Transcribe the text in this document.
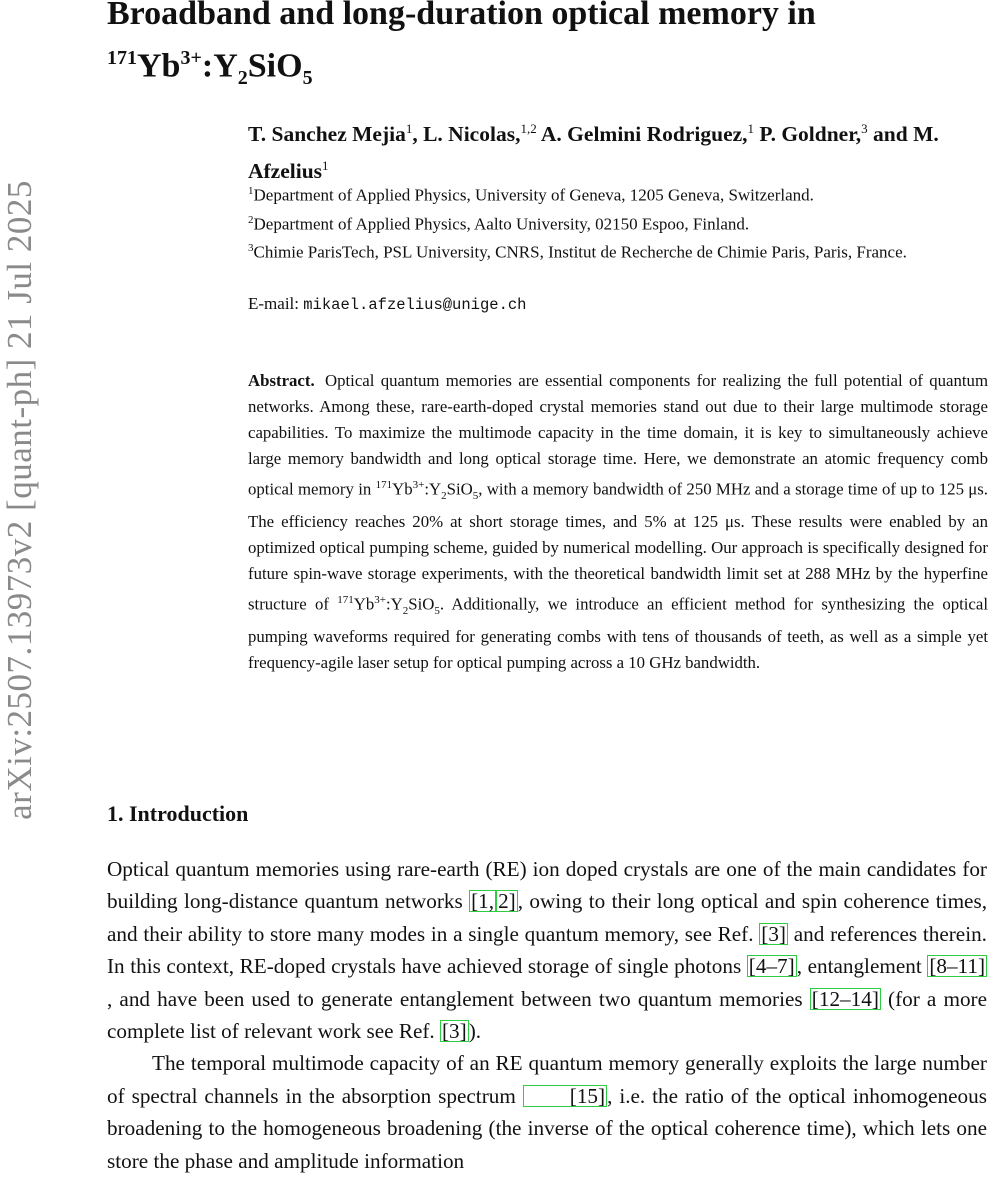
arXiv:2507.13973v2 [quant-ph] 21 Jul 2025
Broadband and long-duration optical memory in
$^{171}Yb^{3+}:Y_2SiO_5$

T. Sanchez Mejia$^1$, L. Nicolas,$^{1,2}$ A. Gelmini Rodriguez,$^1$ P. Goldner,$^3$ and M. Afzelius$^1$

$^1$Department of Applied Physics, University of Geneva, 1205 Geneva, Switzerland.
$^2$Department of Applied Physics, Aalto University, 02150 Espoo, Finland.
$^3$Chimie ParisTech, PSL University, CNRS, Institut de Recherche de Chimie Paris, Paris, France.
E-mail: mikael.afzelius@unige.ch

Abstract. Optical quantum memories are essential components for realizing the full potential of quantum networks. Among these, rare-earth-doped crystal memories stand out due to their large multimode storage capabilities. To maximize the multimode capacity in the time domain, it is key to simultaneously achieve large memory bandwidth and long optical storage time. Here, we demonstrate an atomic frequency comb optical memory in $^{171}Yb^{3+}:Y_2SiO_5$, with a memory bandwidth of 250 MHz and a storage time of up to 125 μs. The efficiency reaches 20% at short storage times, and 5% at 125 μs. These results were enabled by an optimized optical pumping scheme, guided by numerical modelling. Our approach is specifically designed for future spin-wave storage experiments, with the theoretical bandwidth limit set at 288 MHz by the hyperfine structure of $^{171}Yb^{3+}:Y_2SiO_5$. Additionally, we introduce an efficient method for synthesizing the optical pumping waveforms required for generating combs with tens of thousands of teeth, as well as a simple yet frequency-agile laser setup for optical pumping across a 10 GHz bandwidth.

1. Introduction

Optical quantum memories using rare-earth (RE) ion doped crystals are one of the main candidates for building long-distance quantum networks [1, 2], owing to their long optical and spin coherence times, and their ability to store many modes in a single quantum memory, see Ref. [3] and references therein. In this context, RE-doped crystals have achieved storage of single photons [4–7], entanglement [8–11], and have been used to generate entanglement between two quantum memories [12–14] (for a more complete list of relevant work see Ref. [3]).

The temporal multimode capacity of an RE quantum memory generally exploits the large number of spectral channels in the absorption spectrum [15], i.e. the ratio of the optical inhomogeneous broadening to the homogeneous broadening (the inverse of the optical coherence time), which lets one store the phase and amplitude information
